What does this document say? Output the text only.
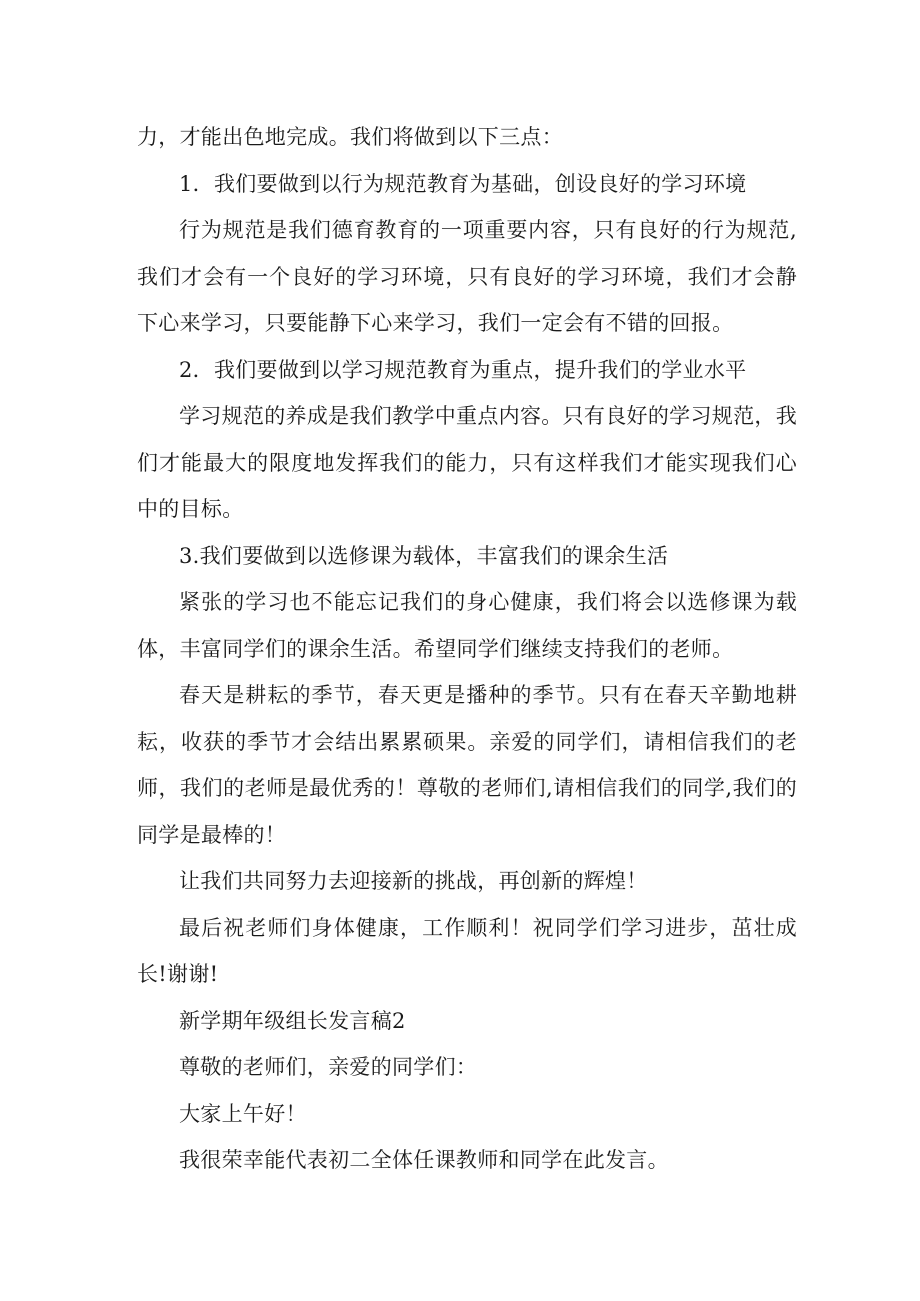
力，才能出色地完成。我们将做到以下三点：

1．我们要做到以行为规范教育为基础，创设良好的学习环境

行为规范是我们德育教育的一项重要内容，只有良好的行为规范,我们才会有一个良好的学习环境，只有良好的学习环境，我们才会静下心来学习，只要能静下心来学习，我们一定会有不错的回报。

2．我们要做到以学习规范教育为重点，提升我们的学业水平

学习规范的养成是我们教学中重点内容。只有良好的学习规范，我们才能最大的限度地发挥我们的能力，只有这样我们才能实现我们心中的目标。

3.我们要做到以选修课为载体，丰富我们的课余生活

紧张的学习也不能忘记我们的身心健康，我们将会以选修课为载体，丰富同学们的课余生活。希望同学们继续支持我们的老师。

春天是耕耘的季节，春天更是播种的季节。只有在春天辛勤地耕耘，收获的季节才会结出累累硕果。亲爱的同学们，请相信我们的老师，我们的老师是最优秀的！尊敬的老师们,请相信我们的同学,我们的同学是最棒的！

让我们共同努力去迎接新的挑战，再创新的辉煌！

最后祝老师们身体健康，工作顺利！祝同学们学习进步，茁壮成长!谢谢!

新学期年级组长发言稿2

尊敬的老师们，亲爱的同学们：

大家上午好！

我很荣幸能代表初二全体任课教师和同学在此发言。
